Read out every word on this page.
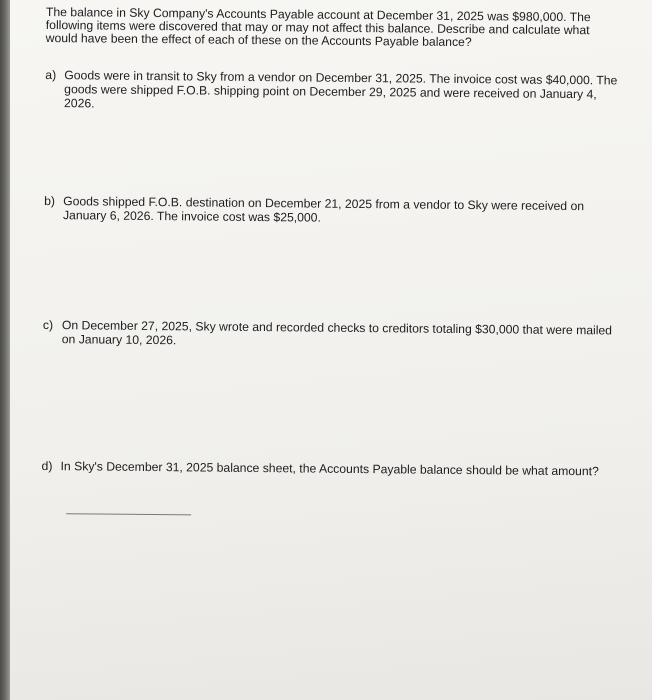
The balance in Sky Company's Accounts Payable account at December 31, 2025 was $980,000. The following items were discovered that may or may not affect this balance. Describe and calculate what would have been the effect of each of these on the Accounts Payable balance?

a) Goods were in transit to Sky from a vendor on December 31, 2025. The invoice cost was $40,000. The goods were shipped F.O.B. shipping point on December 29, 2025 and were received on January 4, 2026.
b) Goods shipped F.O.B. destination on December 21, 2025 from a vendor to Sky were received on January 6, 2026. The invoice cost was $25,000.
c) On December 27, 2025, Sky wrote and recorded checks to creditors totaling $30,000 that were mailed on January 10, 2026.
d) In Sky's December 31, 2025 balance sheet, the Accounts Payable balance should be what amount?
